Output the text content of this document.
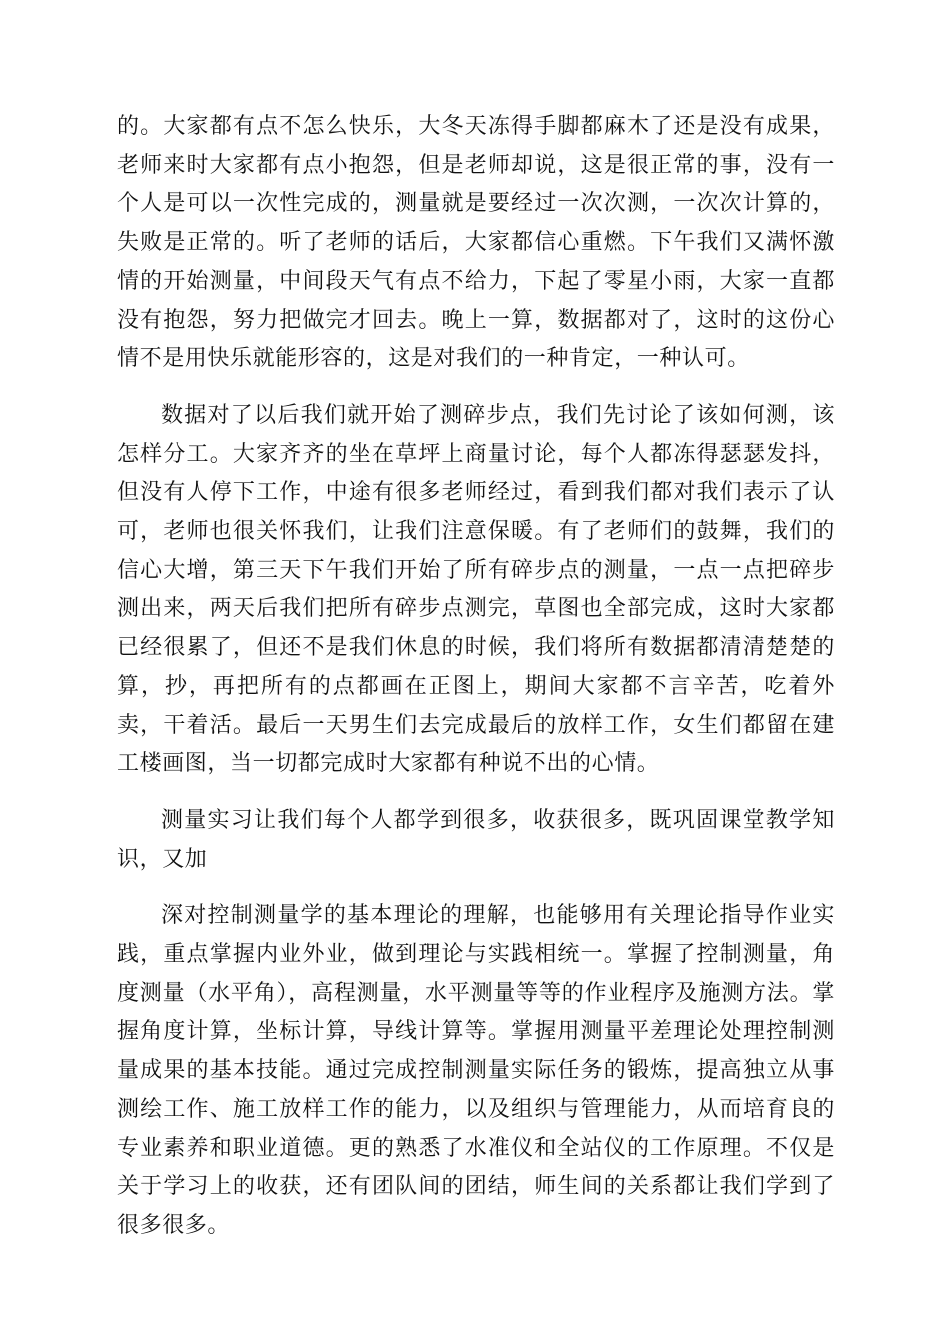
的。大家都有点不怎么快乐，大冬天冻得手脚都麻木了还是没有成果，老师来时大家都有点小抱怨，但是老师却说，这是很正常的事，没有一个人是可以一次性完成的，测量就是要经过一次次测，一次次计算的，失败是正常的。听了老师的话后，大家都信心重燃。下午我们又满怀激情的开始测量，中间段天气有点不给力，下起了零星小雨，大家一直都没有抱怨，努力把做完才回去。晚上一算，数据都对了，这时的这份心情不是用快乐就能形容的，这是对我们的一种肯定，一种认可。

数据对了以后我们就开始了测碎步点，我们先讨论了该如何测，该怎样分工。大家齐齐的坐在草坪上商量讨论，每个人都冻得瑟瑟发抖，但没有人停下工作，中途有很多老师经过，看到我们都对我们表示了认可，老师也很关怀我们，让我们注意保暖。有了老师们的鼓舞，我们的信心大增，第三天下午我们开始了所有碎步点的测量，一点一点把碎步测出来，两天后我们把所有碎步点测完，草图也全部完成，这时大家都已经很累了，但还不是我们休息的时候，我们将所有数据都清清楚楚的算，抄，再把所有的点都画在正图上，期间大家都不言辛苦，吃着外卖，干着活。最后一天男生们去完成最后的放样工作，女生们都留在建工楼画图，当一切都完成时大家都有种说不出的心情。

测量实习让我们每个人都学到很多，收获很多，既巩固课堂教学知识，又加

深对控制测量学的基本理论的理解，也能够用有关理论指导作业实践，重点掌握内业外业，做到理论与实践相统一。掌握了控制测量，角度测量（水平角），高程测量，水平测量等等的作业程序及施测方法。掌握角度计算，坐标计算，导线计算等。掌握用测量平差理论处理控制测量成果的基本技能。通过完成控制测量实际任务的锻炼，提高独立从事测绘工作、施工放样工作的能力，以及组织与管理能力，从而培育良的专业素养和职业道德。更的熟悉了水准仪和全站仪的工作原理。不仅是关于学习上的收获，还有团队间的团结，师生间的关系都让我们学到了很多很多。
